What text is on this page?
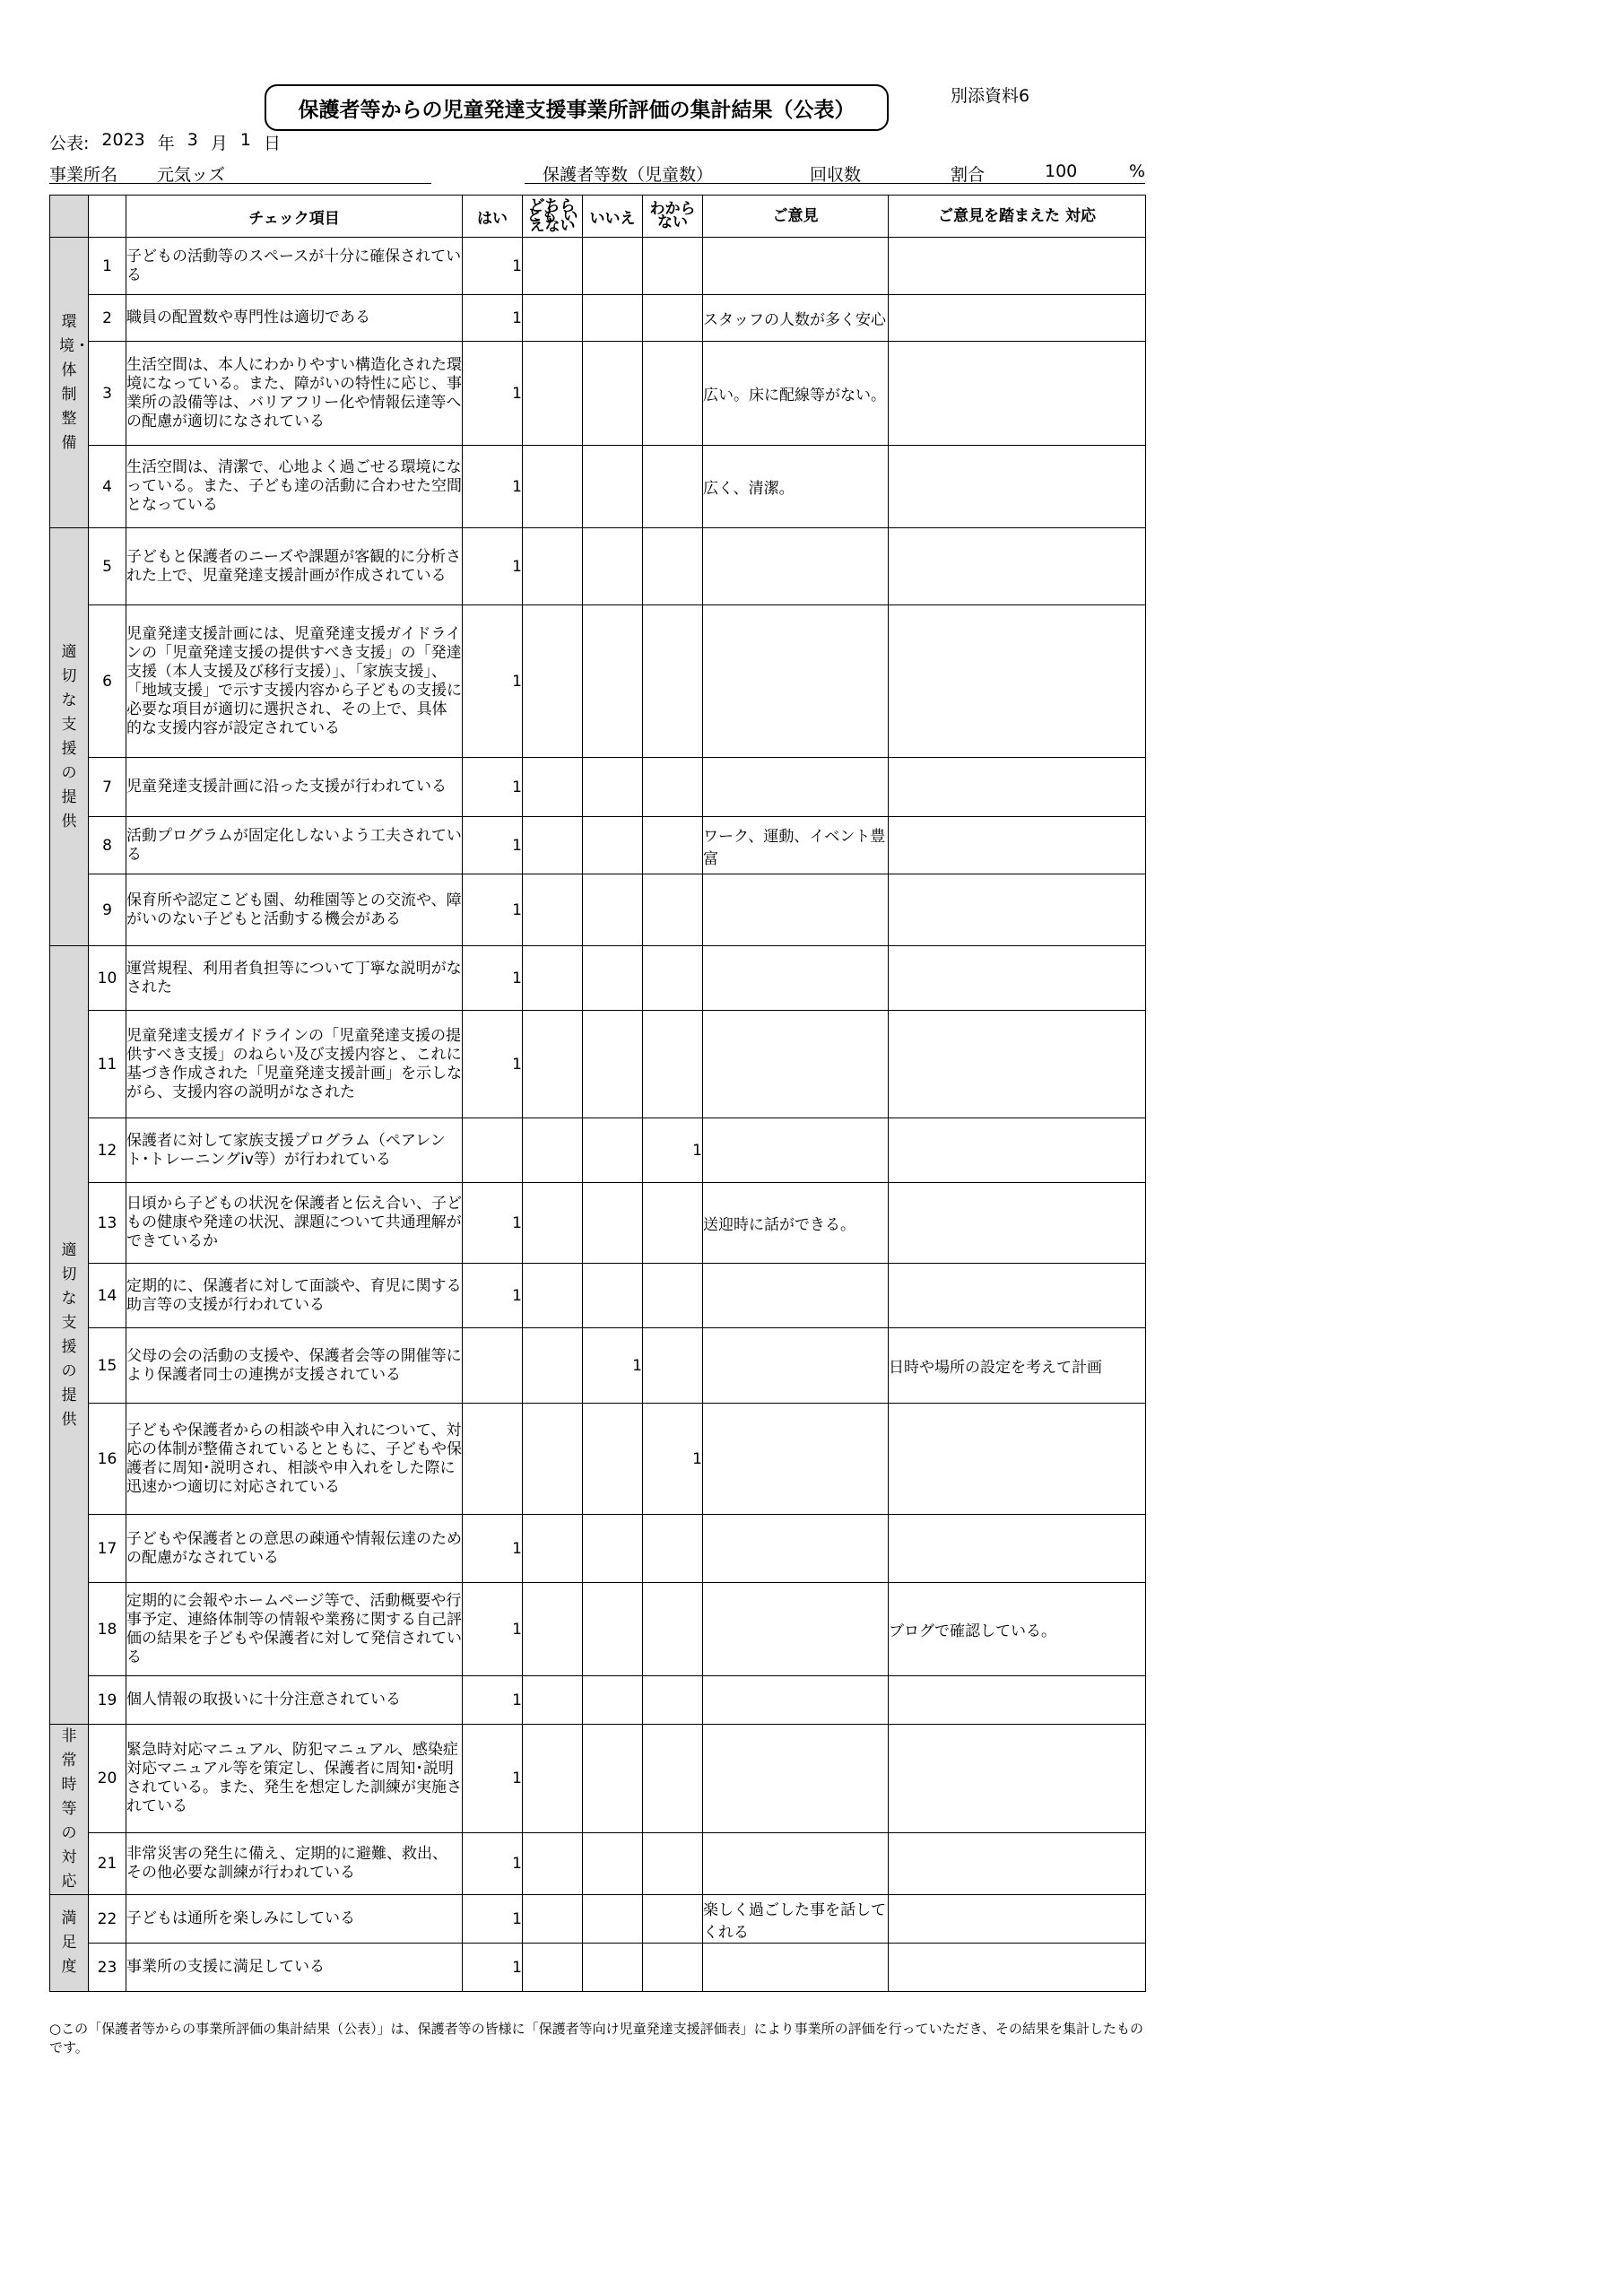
別添資料6
保護者等からの児童発達支援事業所評価の集計結果（公表）
公表: 2023 年 3 月 1 日
事業所名 元気ッズ	保護者等数（児童数）	回収数	割合	100	%
		チェック項目	はい	どちらとも いえない	いいえ	わから ない	ご意見	ご意見を踏まえた 対応

環境・体制整備	1	子どもの活動等のスペースが十分に確保されている	1					
	2	職員の配置数や専門性は適切である	1				スタッフの人数が多く安心	
	3	生活空間は、本人にわかりやすい構造化された環境になっている。また、障がいの特性に応じ、事業所の設備等は、バリアフリー化や情報伝達等への配慮が適切になされている	1				広い。床に配線等がない。	
	4	生活空間は、清潔で、心地よく過ごせる環境になっている。また、子ども達の活動に合わせた空間となっている	1				広く、清潔。	

適切な支援の提供	5	子どもと保護者のニーズや課題が客観的に分析された上で、児童発達支援計画が作成されている	1					
	6	児童発達支援計画には、児童発達支援ガイドラインの「児童発達支援の提供すべき支援」の「発達支援（本人支援及び移行支援）」、「家族支援」、「地域支援」で示す支援内容から子どもの支援に必要な項目が適切に選択され、その上で、具体的な支援内容が設定されている	1					
	7	児童発達支援計画に沿った支援が行われている	1					
	8	活動プログラムが固定化しないよう工夫されている	1				ワーク、運動、イベント豊富	
	9	保育所や認定こども園、幼稚園等との交流や、障がいのない子どもと活動する機会がある	1					

適切な支援の提供	10	運営規程、利用者負担等について丁寧な説明がなされた	1					
	11	児童発達支援ガイドラインの「児童発達支援の提供すべき支援」のねらい及び支援内容と、これに基づき作成された「児童発達支援計画」を示しながら、支援内容の説明がなされた	1					
	12	保護者に対して家族支援プログラム（ペアレント･トレーニングiv等）が行われている				1		
	13	日頃から子どもの状況を保護者と伝え合い、子どもの健康や発達の状況、課題について共通理解ができているか	1				送迎時に話ができる。	
	14	定期的に、保護者に対して面談や、育児に関する助言等の支援が行われている	1					
	15	父母の会の活動の支援や、保護者会等の開催等により保護者同士の連携が支援されている			1			日時や場所の設定を考えて計画
	16	子どもや保護者からの相談や申入れについて、対応の体制が整備されているとともに、子どもや保護者に周知･説明され、相談や申入れをした際に迅速かつ適切に対応されている				1		
	17	子どもや保護者との意思の疎通や情報伝達のための配慮がなされている	1					
	18	定期的に会報やホームページ等で、活動概要や行事予定、連絡体制等の情報や業務に関する自己評価の結果を子どもや保護者に対して発信されている	1					ブログで確認している。
	19	個人情報の取扱いに十分注意されている	1					

非常時等の対応	20	緊急時対応マニュアル、防犯マニュアル、感染症対応マニュアル等を策定し、保護者に周知･説明されている。また、発生を想定した訓練が実施されている	1					
	21	非常災害の発生に備え、定期的に避難、救出、その他必要な訓練が行われている	1					

満足度	22	子どもは通所を楽しみにしている	1				楽しく過ごした事を話してくれる	
	23	事業所の支援に満足している	1					
○この「保護者等からの事業所評価の集計結果（公表）」は、保護者等の皆様に「保護者等向け児童発達支援評価表」により事業所の評価を行っていただき、その結果を集計したものです。
